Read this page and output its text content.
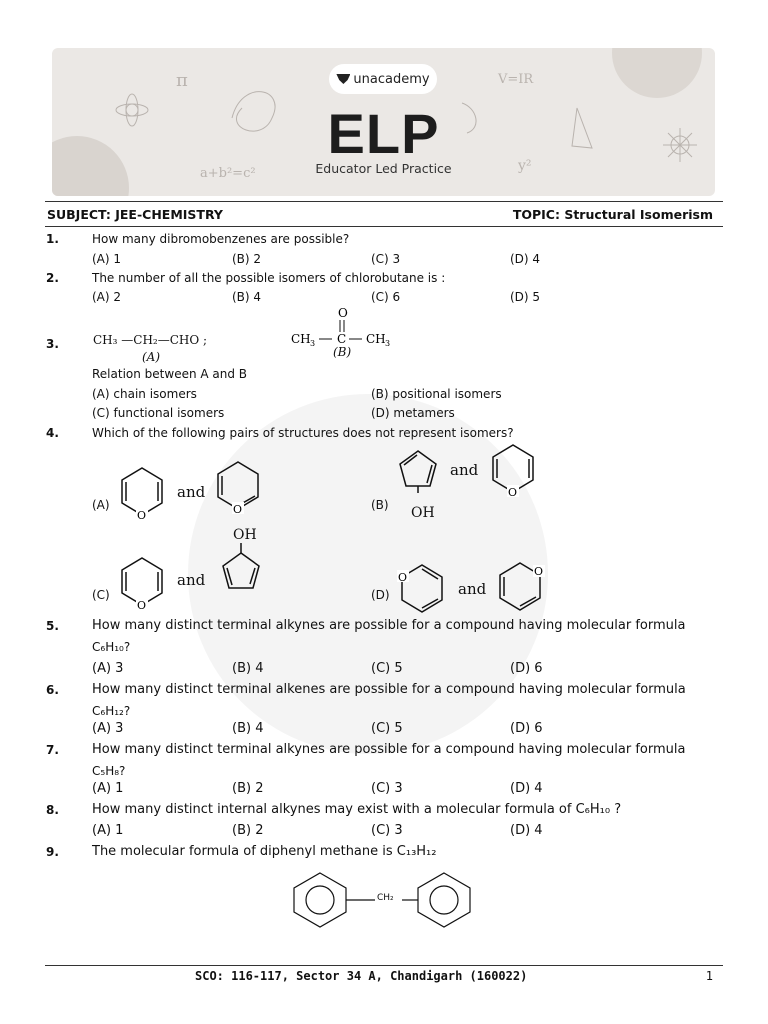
π	V=IR
a+b²=c²	y²
unacademy
ELP
Educator Led Practice
SUBJECT: JEE-CHEMISTRY	TOPIC: Structural Isomerism
1.	How many dibromobenzenes are possible?
(A) 1	(B) 2	(C) 3	(D) 4
2.	The number of all the possible isomers of chlorobutane is :
(A) 2	(B) 4	(C) 6	(D) 5
3.	CH₃ —CH₂—CHO ;
(A)
O
CH 3 C CH 3
(B)
Relation between A and B
(A) chain isomers	(B) positional isomers
(C) functional isomers	(D) metamers
4.	Which of the following pairs of structures does not represent isomers?
(A)
O
and
O	(B) OH
and
O
(C)
O
and
OH
(D)
O
and
O
5.	How many distinct terminal alkynes are possible for a compound having molecular formula
C₆H₁₀?
(A) 3	(B) 4	(C) 5	(D) 6
6.	How many distinct terminal alkenes are possible for a compound having molecular formula
C₆H₁₂?
(A) 3	(B) 4	(C) 5	(D) 6
7.	How many distinct terminal alkynes are possible for a compound having molecular formula
C₅H₈?
(A) 1	(B) 2	(C) 3	(D) 4
8.	How many distinct internal alkynes may exist with a molecular formula of C₆H₁₀ ?
(A) 1	(B) 2	(C) 3	(D) 4
9.	The molecular formula of diphenyl methane is C₁₃H₁₂
CH₂
SCO: 116-117, Sector 34 A, Chandigarh (160022)	1
